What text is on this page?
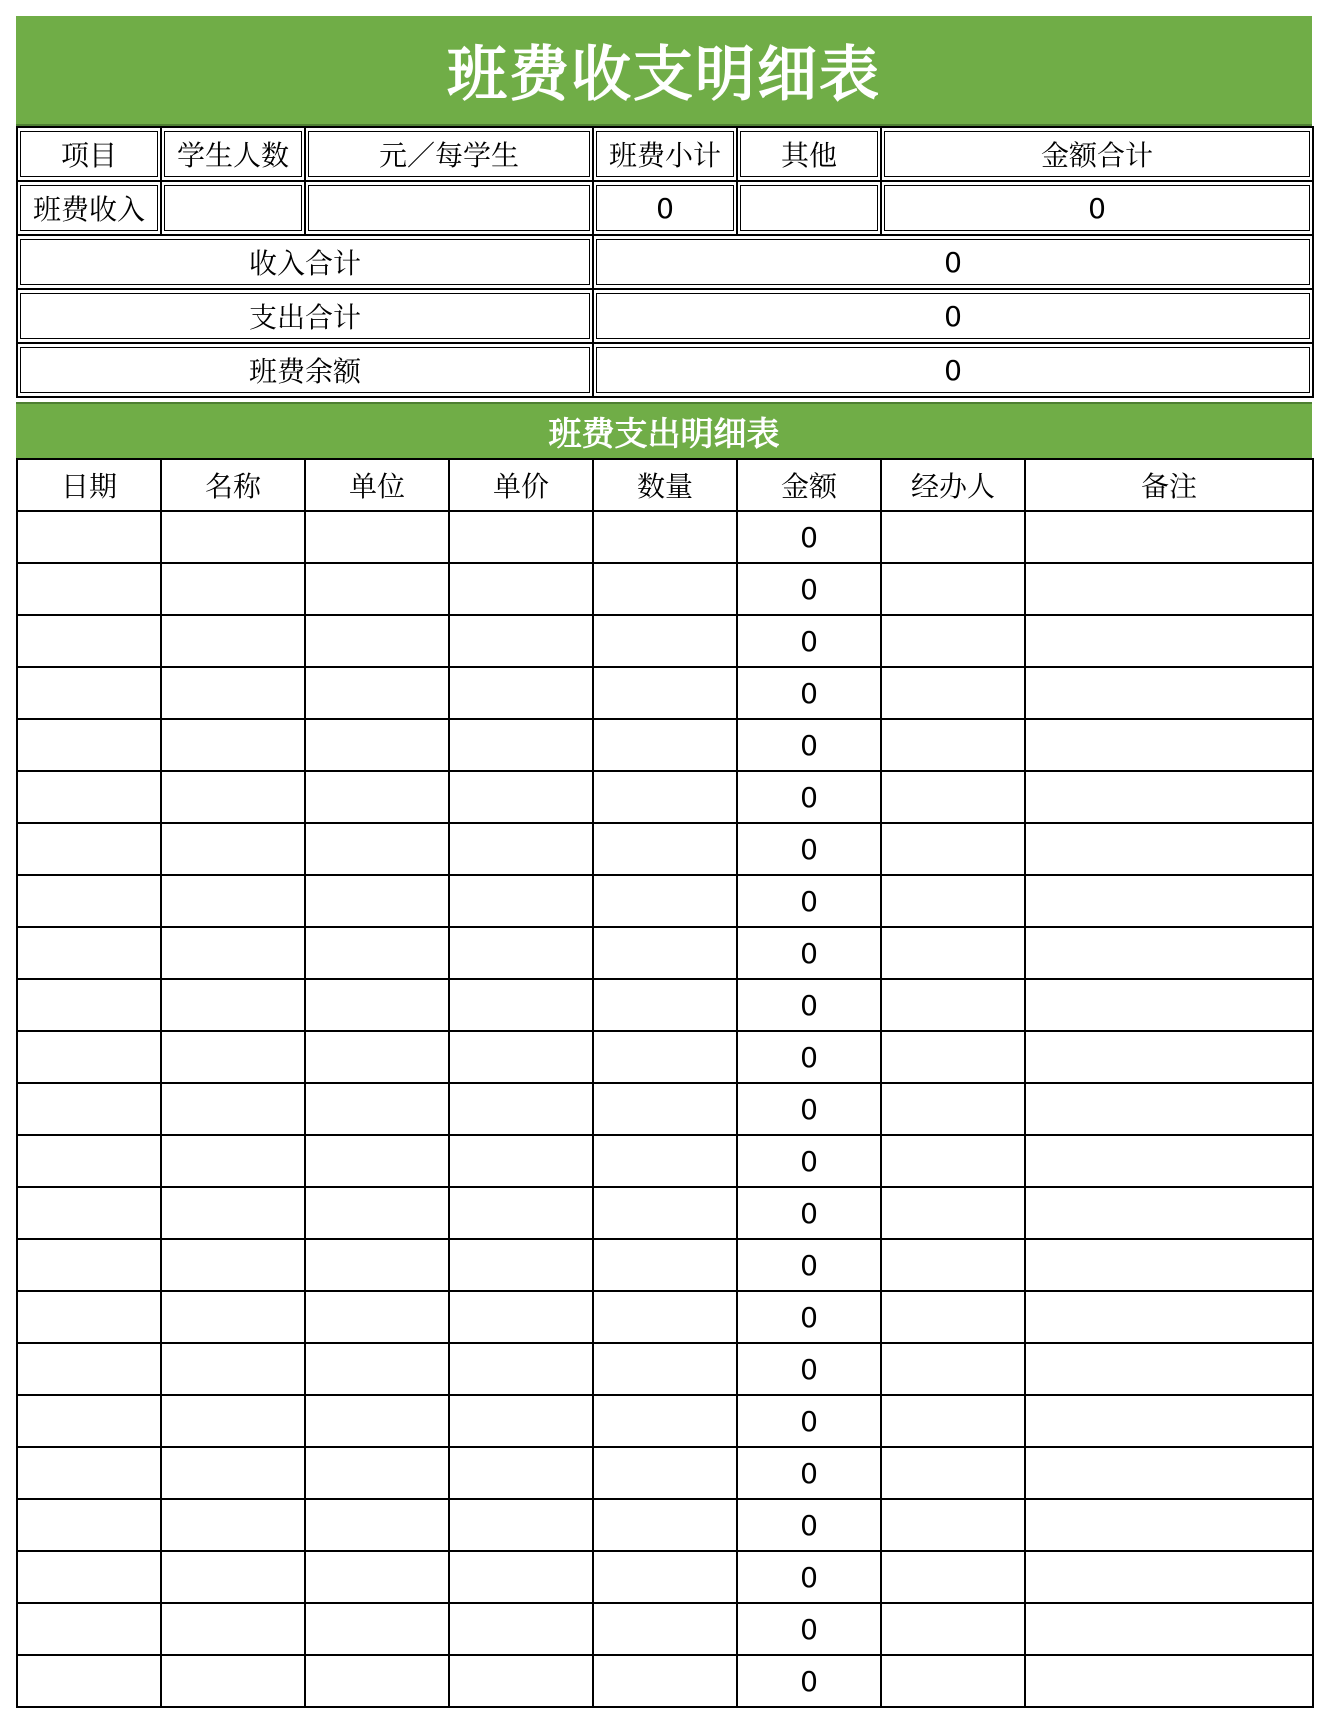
班费收支明细表
项目	学生人数	元／每学生	班费小计	其他	金额合计

班费收入			0		0

收入合计			0		

支出合计			0		

班费余额			0		
班费支出明细表
日期	名称	单位	单价	数量	金额	经办人	备注
					0		
					0		
					0		
					0		
					0		
					0		
					0		
					0		
					0		
					0		
					0		
					0		
					0		
					0		
					0		
					0		
					0		
					0		
					0		
					0		
					0		
					0		
					0		
